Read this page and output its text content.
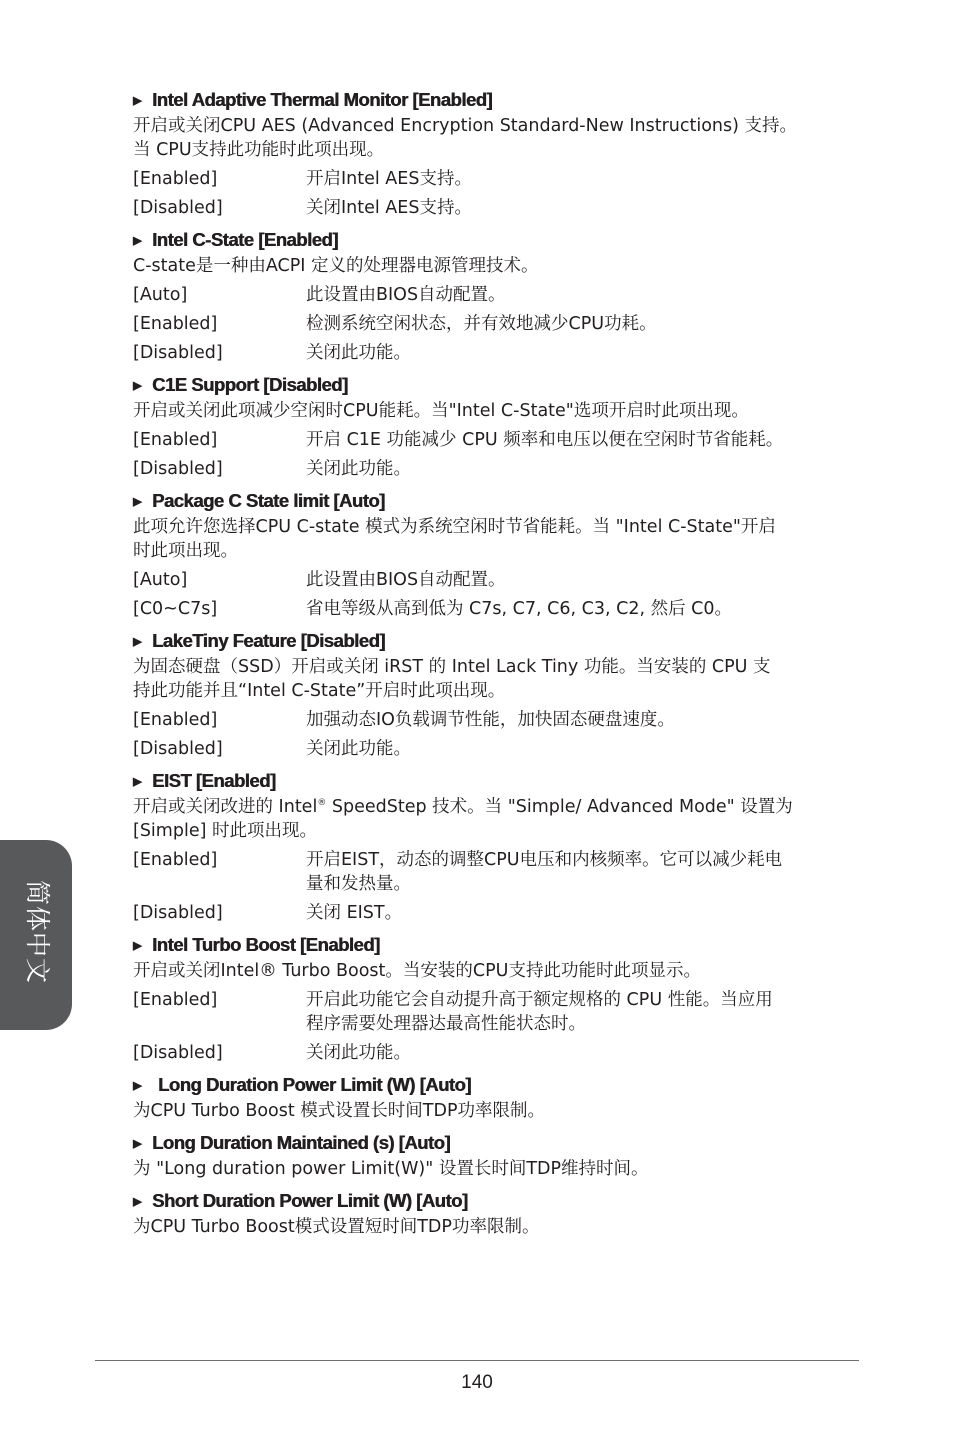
简体中文
▶ Intel Adaptive Thermal Monitor [Enabled]
开启或关闭CPU AES (Advanced Encryption Standard-New Instructions) 支持。
当 CPU支持此功能时此项出现。
[Enabled]	开启Intel AES支持。
[Disabled]	关闭Intel AES支持。
▶ Intel C-State [Enabled]
C-state是一种由ACPI 定义的处理器电源管理技术。
[Auto]	此设置由BIOS自动配置。
[Enabled]	检测系统空闲状态，并有效地减少CPU功耗。
[Disabled]	关闭此功能。
▶ C1E Support [Disabled]
开启或关闭此项减少空闲时CPU能耗。当"Intel C-State"选项开启时此项出现。
[Enabled]	开启 C1E 功能减少 CPU 频率和电压以便在空闲时节省能耗。
[Disabled]	关闭此功能。
▶ Package C State limit [Auto]
此项允许您选择CPU C-state 模式为系统空闲时节省能耗。当 "Intel C-State"开启
时此项出现。
[Auto]	此设置由BIOS自动配置。
[C0~C7s]	省电等级从高到低为 C7s, C7, C6, C3, C2, 然后 C0。
▶ LakeTiny Feature [Disabled]
为固态硬盘（SSD）开启或关闭 iRST 的 Intel Lack Tiny 功能。当安装的 CPU 支
持此功能并且“Intel C-State”开启时此项出现。
[Enabled]	加强动态IO负载调节性能，加快固态硬盘速度。
[Disabled]	关闭此功能。
▶ EIST [Enabled]
开启或关闭改进的 Intel® SpeedStep 技术。当 "Simple/ Advanced Mode" 设置为
[Simple] 时此项出现。
[Enabled]	开启EIST，动态的调整CPU电压和内核频率。它可以减少耗电
量和发热量。
[Disabled]	关闭 EIST。
▶ Intel Turbo Boost [Enabled]
开启或关闭Intel® Turbo Boost。当安装的CPU支持此功能时此项显示。
[Enabled]	开启此功能它会自动提升高于额定规格的 CPU 性能。当应用
程序需要处理器达最高性能状态时。
[Disabled]	关闭此功能。
▶ Long Duration Power Limit (W) [Auto]
为CPU Turbo Boost 模式设置长时间TDP功率限制。
▶ Long Duration Maintained (s) [Auto]
为 "Long duration power Limit(W)" 设置长时间TDP维持时间。
▶ Short Duration Power Limit (W) [Auto]
为CPU Turbo Boost模式设置短时间TDP功率限制。
140
